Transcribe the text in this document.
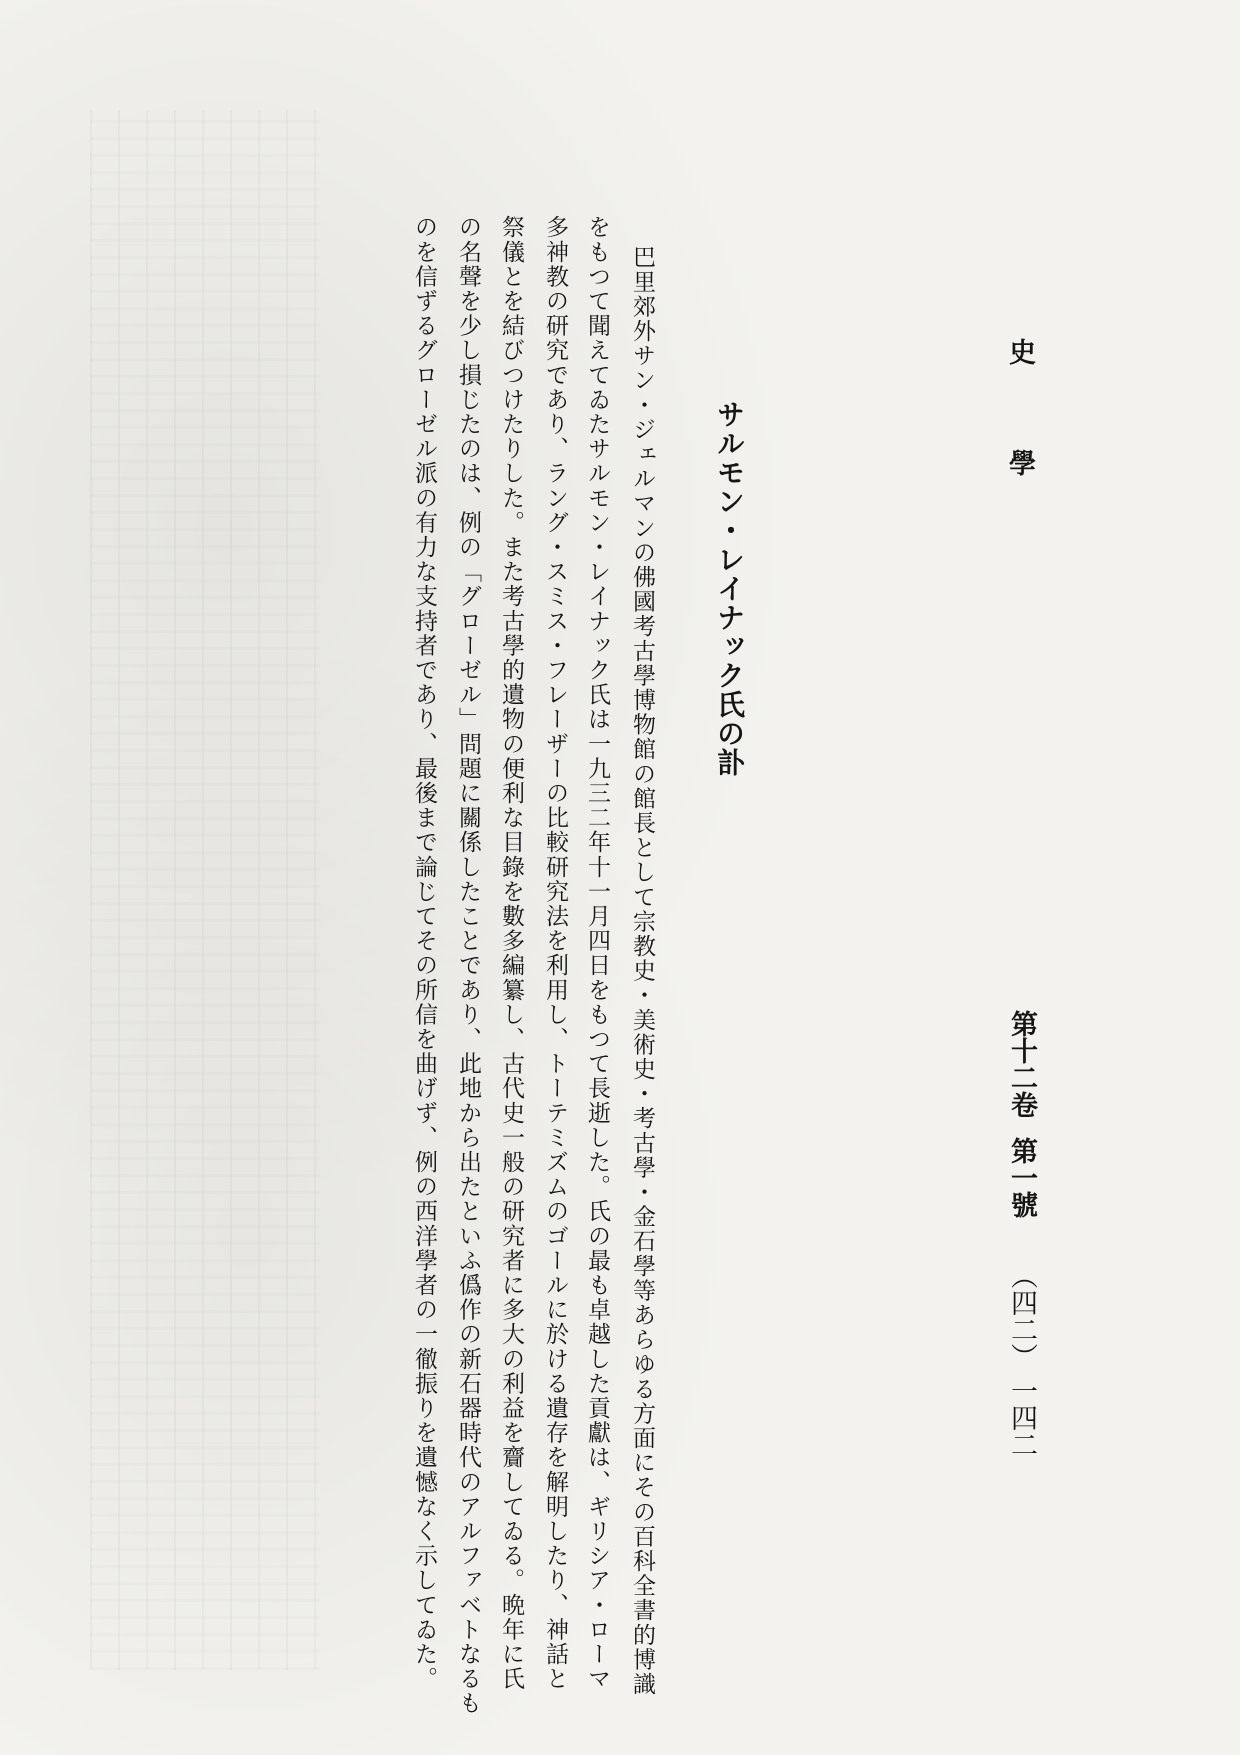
史學
第十二卷
第一號
（四二）
一四二
サルモン・レイナック氏の訃

巴里郊外サン・ジェルマンの佛國考古學博物館の館長として宗教史・美術史・考古學・金石學等あらゆる方面にその百科全書的博識

をもつて聞えてゐたサルモン・レイナック氏は一九三二年十一月四日をもつて長逝した。氏の最も卓越した貢獻は、ギリシア・ローマ

多神教の研究であり、ラング・スミス・フレーザーの比較研究法を利用し、トーテミズムのゴールに於ける遺存を解明したり、神話と

祭儀とを結びつけたりした。また考古學的遺物の便利な目錄を數多編纂し、古代史一般の研究者に多大の利益を齎してゐる。晩年に氏

の名聲を少し損じたのは、例の「グローゼル」問題に關係したことであり、此地から出たといふ僞作の新石器時代のアルファベトなるも

のを信ずるグローゼル派の有力な支持者であり、最後まで論じてその所信を曲げず、例の西洋學者の一徹振りを遺憾なく示してゐた。
